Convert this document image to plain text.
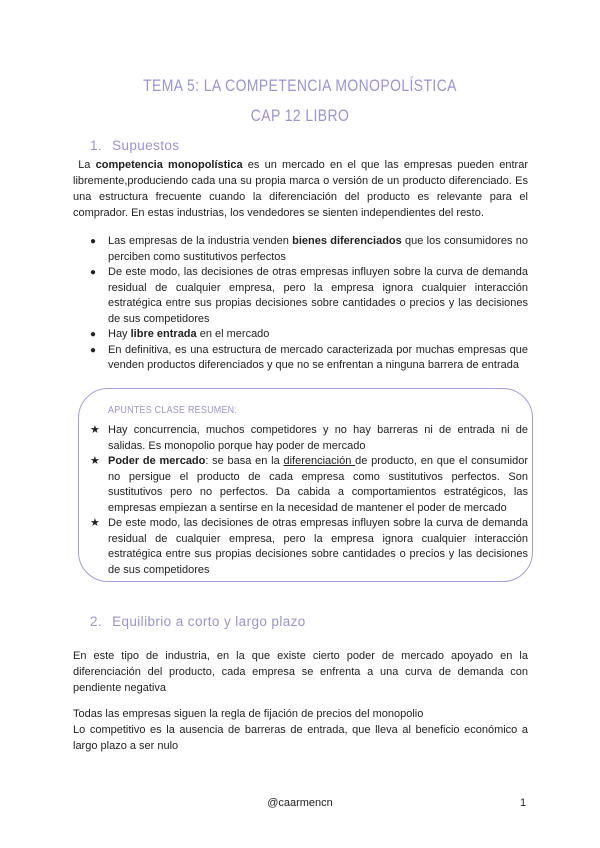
TEMA 5: LA COMPETENCIA MONOPOLÍSTICA
CAP 12 LIBRO
1. Supuestos
La competencia monopolística es un mercado en el que las empresas pueden entrar libremente,produciendo cada una su propia marca o versión de un producto diferenciado. Es una estructura frecuente cuando la diferenciación del producto es relevante para el comprador. En estas industrias, los vendedores se sienten independientes del resto.
● Las empresas de la industria venden bienes diferenciados que los consumidores no perciben como sustitutivos perfectos
● De este modo, las decisiones de otras empresas influyen sobre la curva de demanda residual de cualquier empresa, pero la empresa ignora cualquier interacción estratégica entre sus propias decisiones sobre cantidades o precios y las decisiones de sus competidores
● Hay libre entrada en el mercado
● En definitiva, es una estructura de mercado caracterizada por muchas empresas que venden productos diferenciados y que no se enfrentan a ninguna barrera de entrada
APUNTES CLASE RESUMEN:
★ Hay concurrencia, muchos competidores y no hay barreras ni de entrada ni de salidas. Es monopolio porque hay poder de mercado
★ Poder de mercado: se basa en la diferenciación de producto, en que el consumidor no persigue el producto de cada empresa como sustitutivos perfectos. Son sustitutivos pero no perfectos. Da cabida a comportamientos estratégicos, las empresas empiezan a sentirse en la necesidad de mantener el poder de mercado
★ De este modo, las decisiones de otras empresas influyen sobre la curva de demanda residual de cualquier empresa, pero la empresa ignora cualquier interacción estratégica entre sus propias decisiones sobre cantidades o precios y las decisiones de sus competidores
2. Equilibrio a corto y largo plazo
En este tipo de industria, en la que existe cierto poder de mercado apoyado en la diferenciación del producto, cada empresa se enfrenta a una curva de demanda con pendiente negativa
Todas las empresas siguen la regla de fijación de precios del monopolio
Lo competitivo es la ausencia de barreras de entrada, que lleva al beneficio económico a largo plazo a ser nulo
@caarmencn	1
